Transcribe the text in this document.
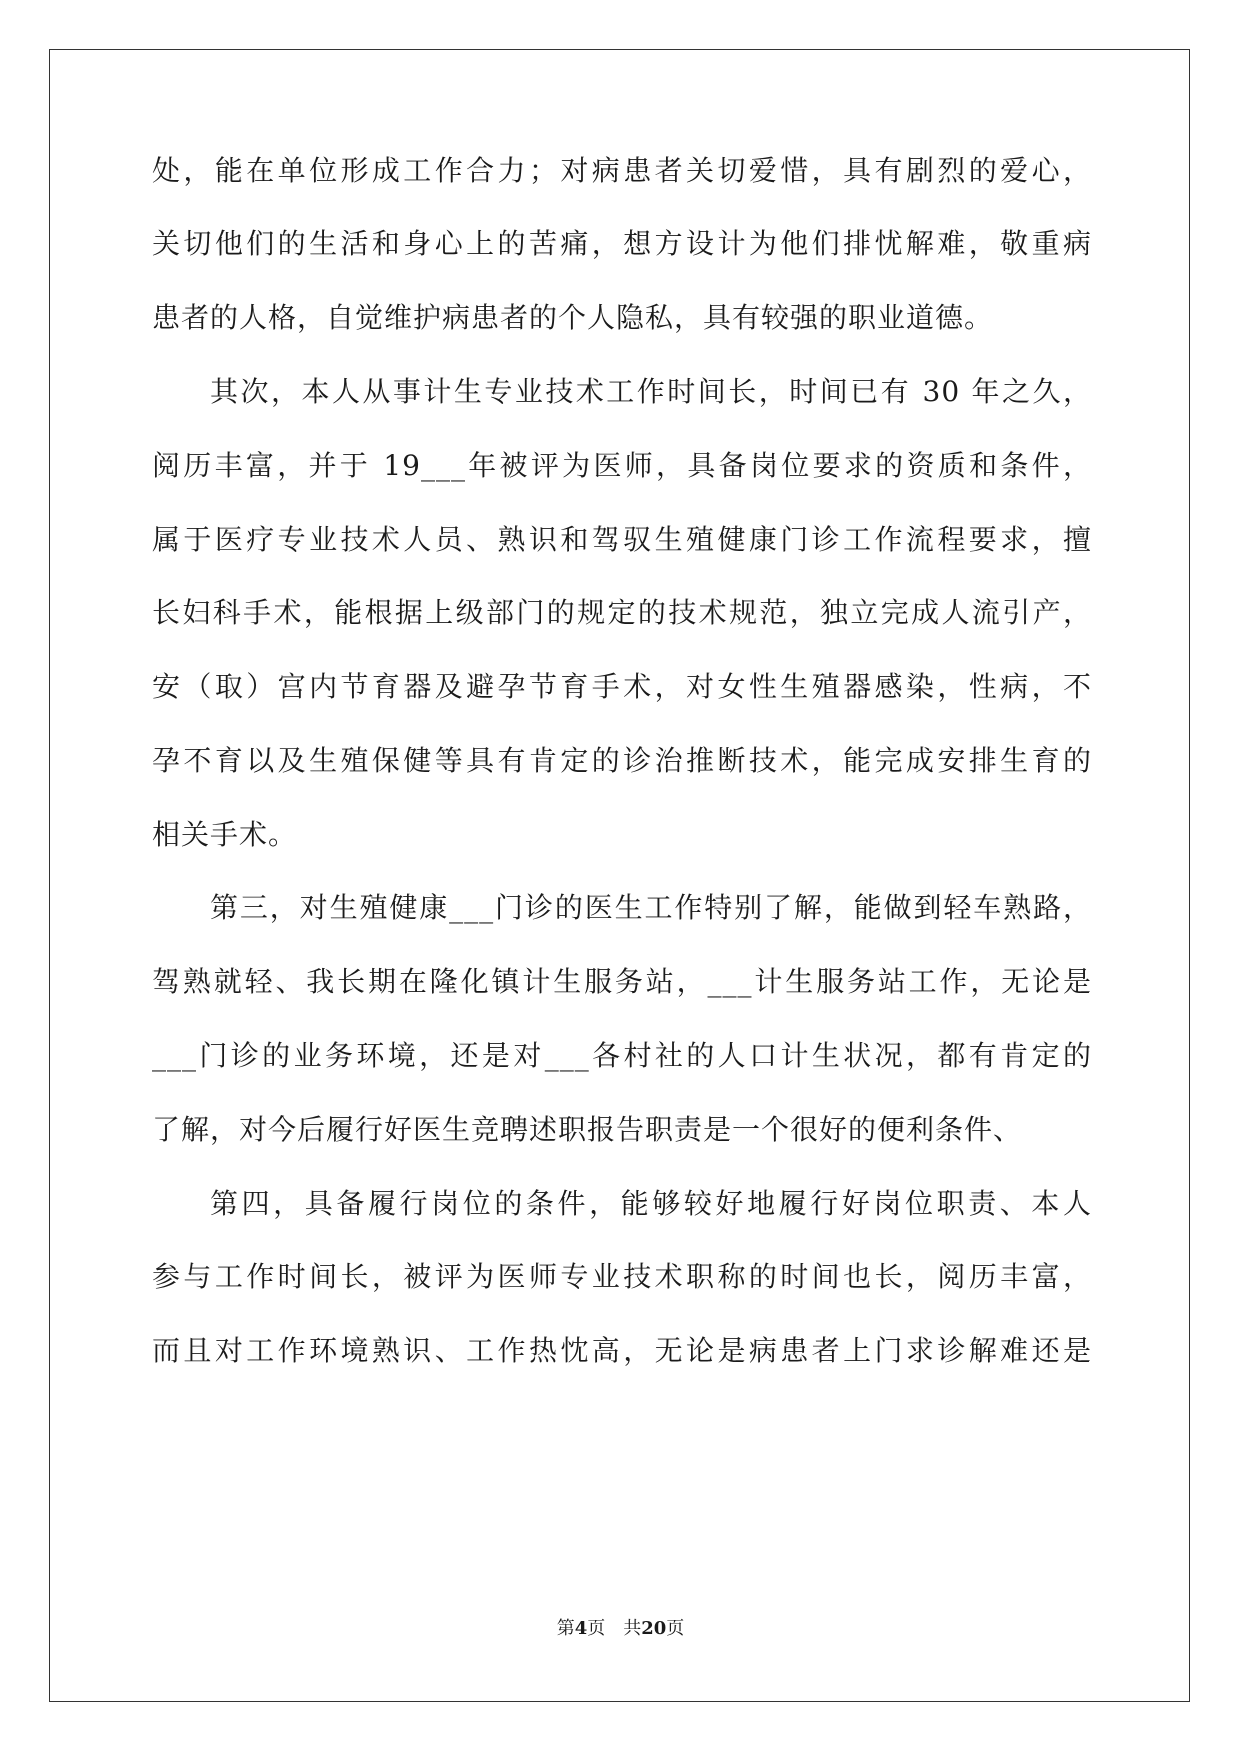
处，能在单位形成工作合力；对病患者关切爱惜，具有剧烈的爱心，
关切他们的生活和身心上的苦痛，想方设计为他们排忧解难，敬重病
患者的人格，自觉维护病患者的个人隐私，具有较强的职业道德。
其次，本人从事计生专业技术工作时间长，时间已有 30 年之久，
阅历丰富，并于 19___年被评为医师，具备岗位要求的资质和条件，
属于医疗专业技术人员、熟识和驾驭生殖健康门诊工作流程要求，擅
长妇科手术，能根据上级部门的规定的技术规范，独立完成人流引产，
安（取）宫内节育器及避孕节育手术，对女性生殖器感染，性病，不
孕不育以及生殖保健等具有肯定的诊治推断技术，能完成安排生育的
相关手术。
第三，对生殖健康___门诊的医生工作特别了解，能做到轻车熟路，
驾熟就轻、我长期在隆化镇计生服务站，___计生服务站工作，无论是
___门诊的业务环境，还是对___各村社的人口计生状况，都有肯定的
了解，对今后履行好医生竞聘述职报告职责是一个很好的便利条件、
第四，具备履行岗位的条件，能够较好地履行好岗位职责、本人
参与工作时间长，被评为医师专业技术职称的时间也长，阅历丰富，
而且对工作环境熟识、工作热忱高，无论是病患者上门求诊解难还是
第4页 共20页
